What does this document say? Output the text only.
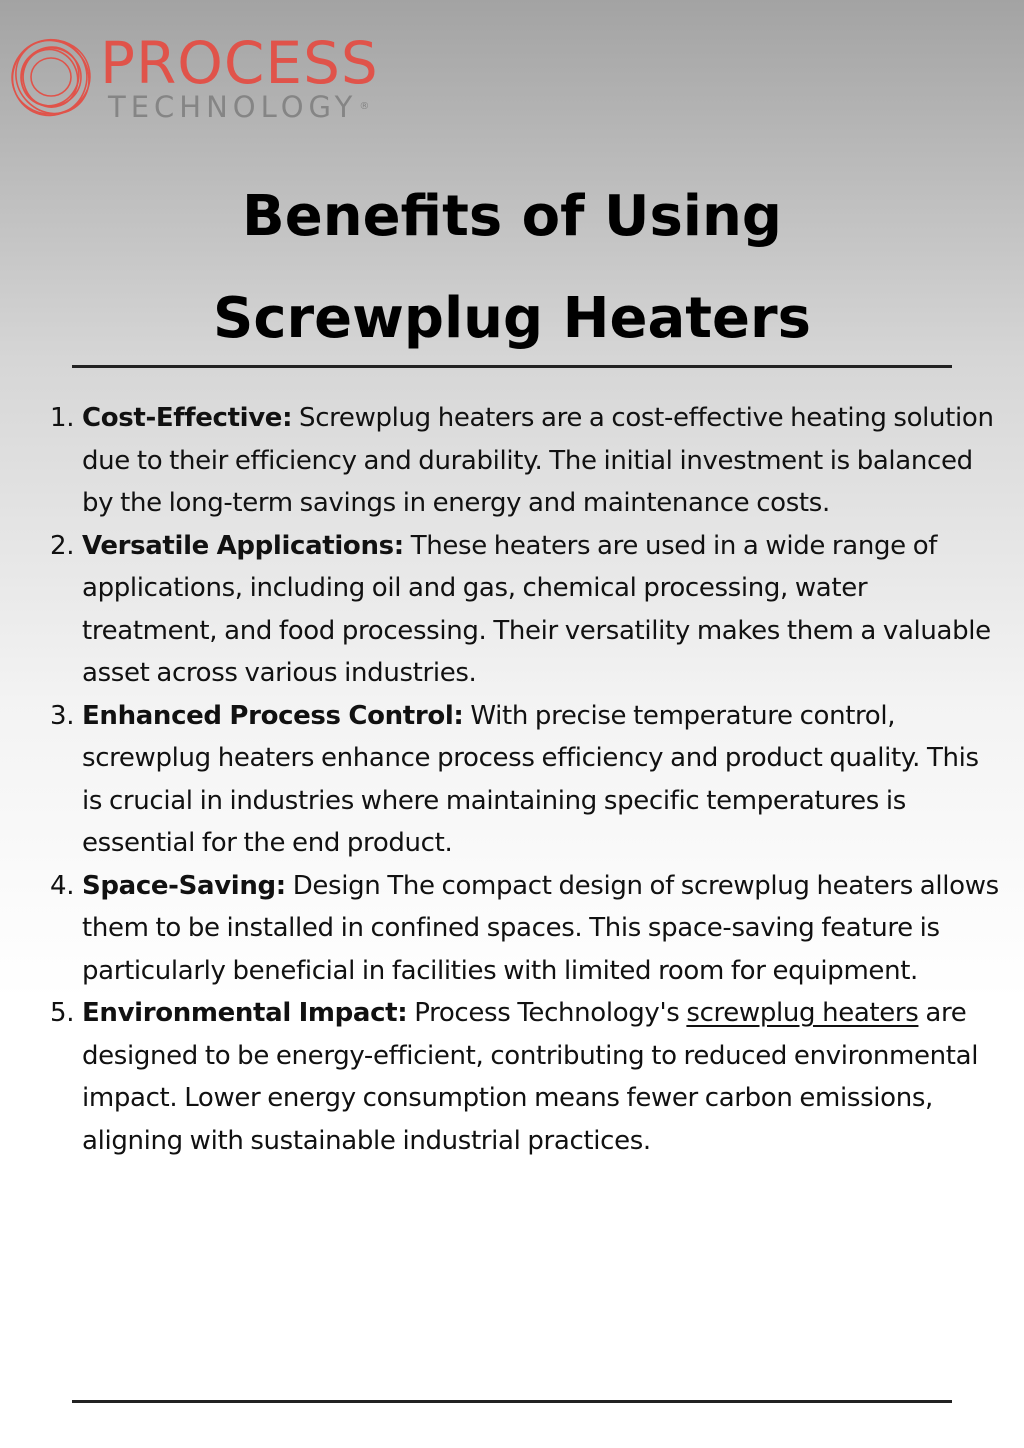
PROCESS
TECHNOLOGY ®
Benefits of Using
Screwplug Heaters
1. Cost-Effective: Screwplug heaters are a cost-effective heating solution due to their efficiency and durability. The initial investment is balanced by the long-term savings in energy and maintenance costs.
2. Versatile Applications: These heaters are used in a wide range of applications, including oil and gas, chemical processing, water treatment, and food processing. Their versatility makes them a valuable asset across various industries.
3. Enhanced Process Control: With precise temperature control, screwplug heaters enhance process efficiency and product quality. This is crucial in industries where maintaining specific temperatures is essential for the end product.
4. Space-Saving: Design The compact design of screwplug heaters allows them to be installed in confined spaces. This space-saving feature is particularly beneficial in facilities with limited room for equipment.
5. Environmental Impact: Process Technology's screwplug heaters are designed to be energy-efficient, contributing to reduced environmental impact. Lower energy consumption means fewer carbon emissions, aligning with sustainable industrial practices.
